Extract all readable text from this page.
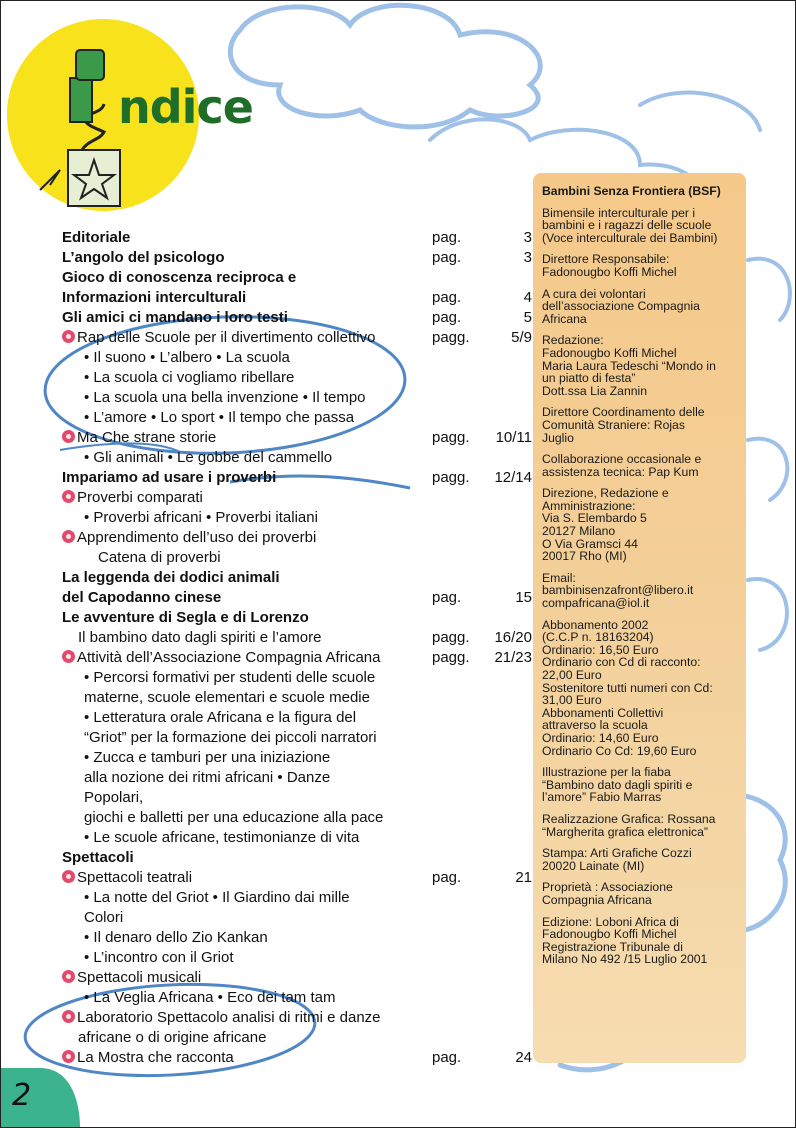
ndice
Editoriale	pag.	3
L’angolo del psicologo	pag.	3
Gioco di conoscenza reciproca e
Informazioni interculturali	pag.	4
Gli amici ci mandano i loro testi	pag.	5
Rap delle Scuole per il divertimento collettivo	pagg.	5/9
• Il suono • L’albero • La scuola
• La scuola ci vogliamo ribellare
• La scuola una bella invenzione • Il tempo
• L’amore • Lo sport • Il tempo che passa
Ma Che strane storie	pagg.	10/11
• Gli animali • Le gobbe del cammello
Impariamo ad usare i proverbi	pagg.	12/14
Proverbi comparati
• Proverbi africani • Proverbi italiani
Apprendimento dell’uso dei proverbi
Catena di proverbi
La leggenda dei dodici animali
del Capodanno cinese	pag.	15
Le avventure di Segla e di Lorenzo
Il bambino dato dagli spiriti e l’amore	pagg.	16/20
Attività dell’Associazione Compagnia Africana	pagg.	21/23
• Percorsi formativi per studenti delle scuole
materne, scuole elementari e scuole medie
• Letteratura orale Africana e la figura del
“Griot” per la formazione dei piccoli narratori
• Zucca e tamburi per una iniziazione
alla nozione dei ritmi africani • Danze
Popolari,
giochi e balletti per una educazione alla pace
• Le scuole africane, testimonianze di vita
Spettacoli
Spettacoli teatrali	pag.	21
• La notte del Griot • Il Giardino dai mille
Colori
• Il denaro dello Zio Kankan
• L’incontro con il Griot
Spettacoli musicali
• La Veglia Africana • Eco dei tam tam
Laboratorio Spettacolo analisi di ritmi e danze
africane o di origine africane
La Mostra che racconta	pag.	24
Bambini Senza Frontiera (BSF)
Bimensile interculturale per i
bambini e i ragazzi delle scuole
(Voce interculturale dei Bambini)
Direttore Responsabile:
Fadonougbo Koffi Michel
A cura dei volontari
dell’associazione Compagnia
Africana
Redazione:
Fadonougbo Koffi Michel
Maria Laura Tedeschi “Mondo in
un piatto di festa”
Dott.ssa Lia Zannin
Direttore Coordinamento delle
Comunità Straniere: Rojas
Juglio
Collaborazione occasionale e
assistenza tecnica: Pap Kum
Direzione, Redazione e
Amministrazione:
Via S. Elembardo 5
20127 Milano
O Via Gramsci 44
20017 Rho (MI)
Email:
bambinisenzafront@libero.it
compafricana@iol.it
Abbonamento 2002
(C.C.P n. 18163204)
Ordinario: 16,50 Euro
Ordinario con Cd di racconto:
22,00 Euro
Sostenitore tutti numeri con Cd:
31,00 Euro
Abbonamenti Collettivi
attraverso la scuola
Ordinario: 14,60 Euro
Ordinario Co Cd: 19,60 Euro
Illustrazione per la fiaba
“Bambino dato dagli spiriti e
l’amore” Fabio Marras
Realizzazione Grafica: Rossana
“Margherita grafica elettronica”
Stampa: Arti Grafiche Cozzi
20020 Lainate (MI)
Proprietà : Associazione
Compagnia Africana
Edizione: Loboni Africa di
Fadonougbo Koffi Michel
Registrazione Tribunale di
Milano No 492 /15 Luglio 2001
2
